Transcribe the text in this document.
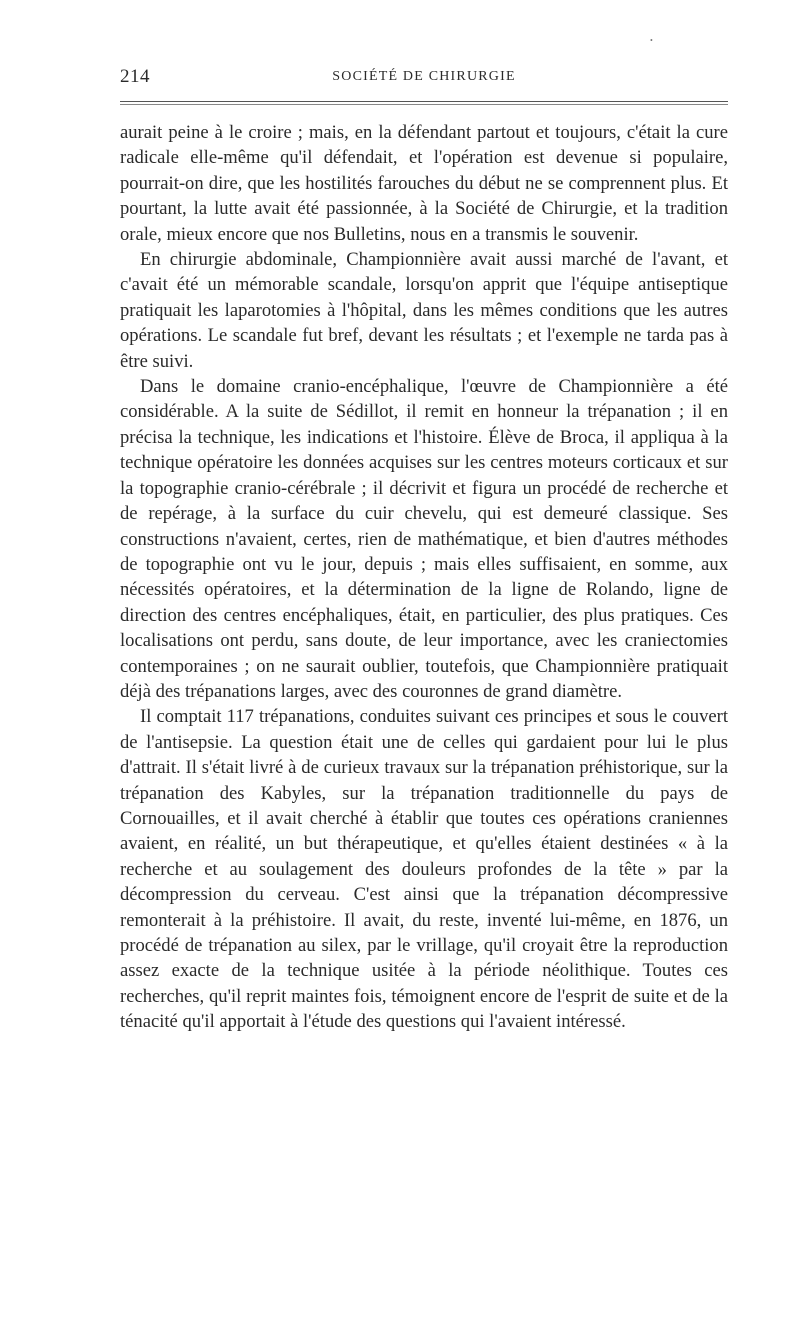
•
214	SOCIÉTÉ DE CHIRURGIE

aurait peine à le croire ; mais, en la défendant partout et toujours, c'était la cure radicale elle-même qu'il défendait, et l'opération est devenue si populaire, pourrait-on dire, que les hostilités farouches du début ne se comprennent plus. Et pourtant, la lutte avait été passionnée, à la Société de Chirurgie, et la tradition orale, mieux encore que nos Bulletins, nous en a transmis le souvenir.

En chirurgie abdominale, Championnière avait aussi marché de l'avant, et c'avait été un mémorable scandale, lorsqu'on apprit que l'équipe antiseptique pratiquait les laparotomies à l'hôpital, dans les mêmes conditions que les autres opérations. Le scandale fut bref, devant les résultats ; et l'exemple ne tarda pas à être suivi.

Dans le domaine cranio-encéphalique, l'œuvre de Championnière a été considérable. A la suite de Sédillot, il remit en honneur la trépanation ; il en précisa la technique, les indications et l'histoire. Élève de Broca, il appliqua à la technique opératoire les données acquises sur les centres moteurs corticaux et sur la topographie cranio-cérébrale ; il décrivit et figura un procédé de recherche et de repérage, à la surface du cuir chevelu, qui est demeuré classique. Ses constructions n'avaient, certes, rien de mathématique, et bien d'autres méthodes de topographie ont vu le jour, depuis ; mais elles suffisaient, en somme, aux nécessités opératoires, et la détermination de la ligne de Rolando, ligne de direction des centres encéphaliques, était, en particulier, des plus pratiques. Ces localisations ont perdu, sans doute, de leur importance, avec les craniectomies contemporaines ; on ne saurait oublier, toutefois, que Championnière pratiquait déjà des trépanations larges, avec des couronnes de grand diamètre.

Il comptait 117 trépanations, conduites suivant ces principes et sous le couvert de l'antisepsie. La question était une de celles qui gardaient pour lui le plus d'attrait. Il s'était livré à de curieux travaux sur la trépanation préhistorique, sur la trépanation des Kabyles, sur la trépanation traditionnelle du pays de Cornouailles, et il avait cherché à établir que toutes ces opérations craniennes avaient, en réalité, un but thérapeutique, et qu'elles étaient destinées « à la recherche et au soulagement des douleurs profondes de la tête » par la décompression du cerveau. C'est ainsi que la trépanation décompressive remonterait à la préhistoire. Il avait, du reste, inventé lui-même, en 1876, un procédé de trépanation au silex, par le vrillage, qu'il croyait être la reproduction assez exacte de la technique usitée à la période néolithique. Toutes ces recherches, qu'il reprit maintes fois, témoignent encore de l'esprit de suite et de la ténacité qu'il apportait à l'étude des questions qui l'avaient intéressé.
